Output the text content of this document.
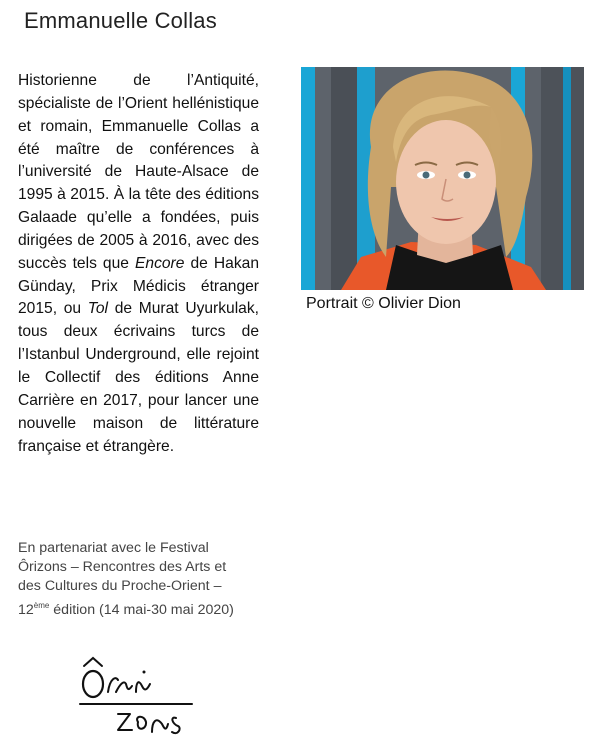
Emmanuelle Collas
Historienne de l’Antiquité, spécialiste de l’Orient hellénistique et romain, Emmanuelle Collas a été maître de conférences à l’université de Haute-Alsace de 1995 à 2015. À la tête des éditions Galaade qu’elle a fondées, puis dirigées de 2005 à 2016, avec des succès tels que Encore de Hakan Günday, Prix Médicis étranger 2015, ou Tol de Murat Uyurkulak, tous deux écrivains turcs de l’Istanbul Underground, elle rejoint le Collectif des éditions Anne Carrière en 2017, pour lancer une nouvelle maison de littérature française et étrangère.
Portrait © Olivier Dion
En partenariat avec le Festival
Ôrizons – Rencontres des Arts et
des Cultures du Proche-Orient –
12ème édition (14 mai-30 mai 2020)
